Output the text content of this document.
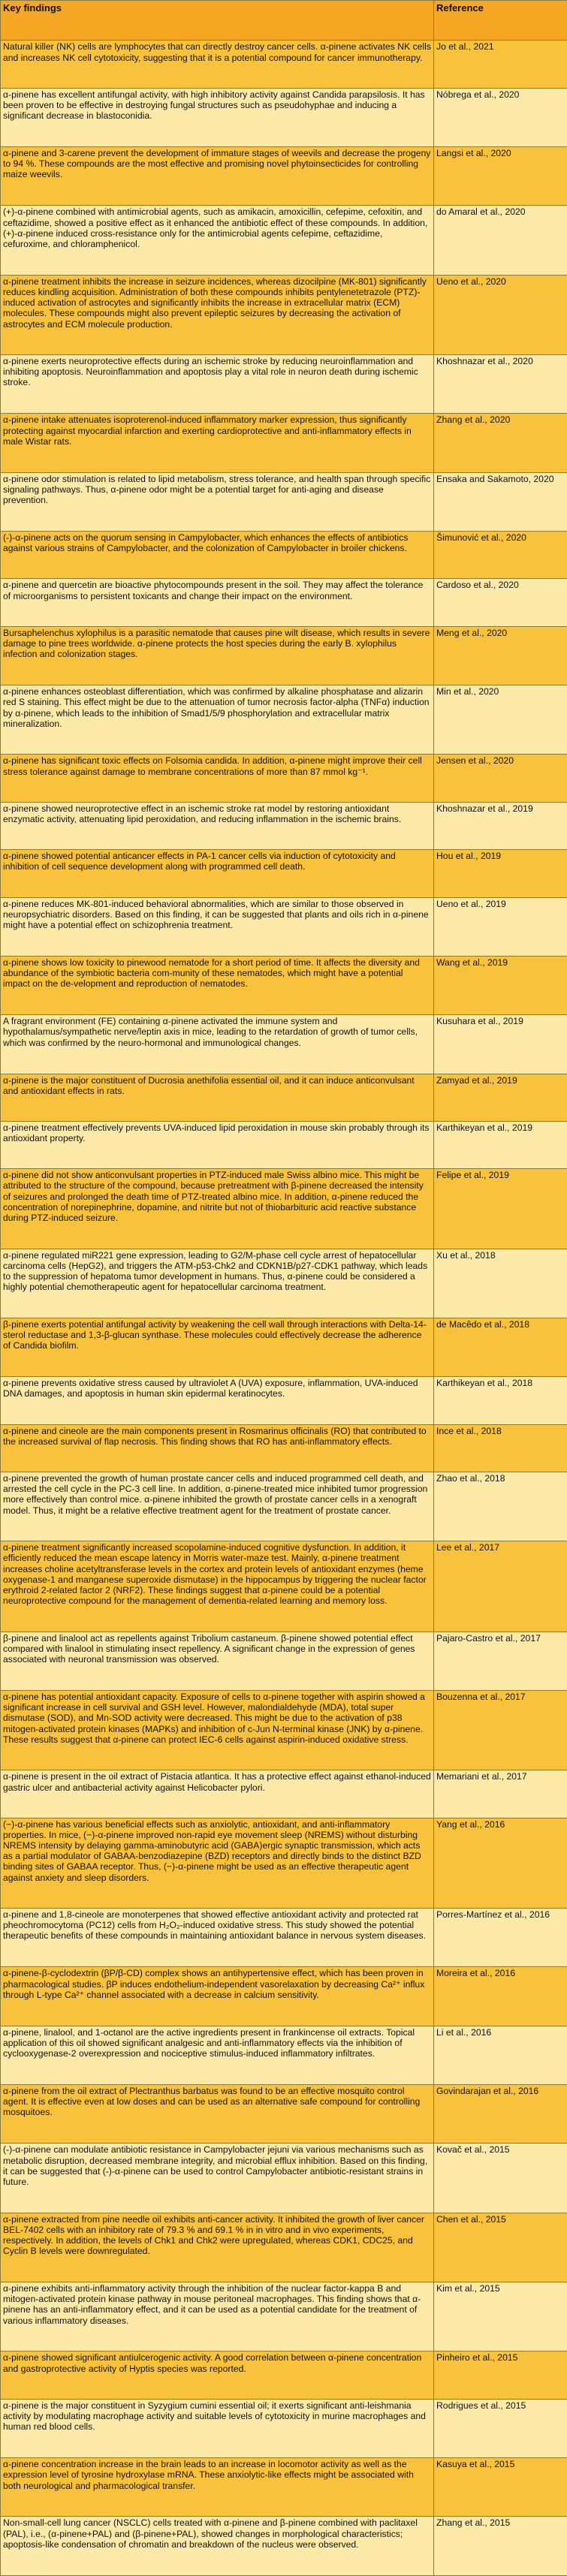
Key findings	Reference
Natural killer (NK) cells are lymphocytes that can directly destroy cancer cells. α-pinene activates NK cells and increases NK cell cytotoxicity, suggesting that it is a potential compound for cancer immunotherapy.	Jo et al., 2021
α-pinene has excellent antifungal activity, with high inhibitory activity against Candida parapsilosis. It has been proven to be effective in destroying fungal structures such as pseudohyphae and inducing a significant decrease in blastoconidia.	Nóbrega et al., 2020
α-pinene and 3-carene prevent the development of immature stages of weevils and decrease the progeny to 94 %. These compounds are the most effective and promising novel phytoinsecticides for controlling maize weevils.	Langsi et al., 2020
(+)-α-pinene combined with antimicrobial agents, such as amikacin, amoxicillin, cefepime, cefoxitin, and ceftazidime, showed a positive effect as it enhanced the antibiotic effect of these compounds. In addition, (+)-α-pinene induced cross-resistance only for the antimicrobial agents cefepime, ceftazidime, cefuroxime, and chloramphenicol.	do Amaral et al., 2020
α-pinene treatment inhibits the increase in seizure incidences, whereas dizocilpine (MK-801) significantly reduces kindling acquisition. Administration of both these compounds inhibits pentylenetetrazole (PTZ)-induced activation of astrocytes and significantly inhibits the increase in extracellular matrix (ECM) molecules. These compounds might also prevent epileptic seizures by decreasing the activation of astrocytes and ECM molecule production.	Ueno et al., 2020
α-pinene exerts neuroprotective effects during an ischemic stroke by reducing neuroinflammation and inhibiting apoptosis. Neuroinflammation and apoptosis play a vital role in neuron death during ischemic stroke.	Khoshnazar et al., 2020
α-pinene intake attenuates isoproterenol-induced inflammatory marker expression, thus significantly protecting against myocardial infarction and exerting cardioprotective and anti-inflammatory effects in male Wistar rats.	Zhang et al., 2020
α-pinene odor stimulation is related to lipid metabolism, stress tolerance, and health span through specific signaling pathways. Thus, α-pinene odor might be a potential target for anti-aging and disease prevention.	Ensaka and Sakamoto, 2020
(-)-α-pinene acts on the quorum sensing in Campylobacter, which enhances the effects of antibiotics against various strains of Campylobacter, and the colonization of Campylobacter in broiler chickens.	Šimunović et al., 2020
α-pinene and quercetin are bioactive phytocompounds present in the soil. They may affect the tolerance of microorganisms to persistent toxicants and change their impact on the environment.	Cardoso et al., 2020
Bursaphelenchus xylophilus is a parasitic nematode that causes pine wilt disease, which results in severe damage to pine trees worldwide. α-pinene protects the host species during the early B. xylophilus infection and colonization stages.	Meng et al., 2020
α-pinene enhances osteoblast differentiation, which was confirmed by alkaline phosphatase and alizarin red S staining. This effect might be due to the attenuation of tumor necrosis factor-alpha (TNFα) induction by α-pinene, which leads to the inhibition of Smad1/5/9 phosphorylation and extracellular matrix mineralization.	Min et al., 2020
α-pinene has significant toxic effects on Folsomia candida. In addition, α-pinene might improve their cell stress tolerance against damage to membrane concentrations of more than 87 mmol kg⁻¹.	Jensen et al., 2020
α-pinene showed neuroprotective effect in an ischemic stroke rat model by restoring antioxidant enzymatic activity, attenuating lipid peroxidation, and reducing inflammation in the ischemic brains.	Khoshnazar et al., 2019
α-pinene showed potential anticancer effects in PA-1 cancer cells via induction of cytotoxicity and inhibition of cell sequence development along with programmed cell death.	Hou et al., 2019
α-pinene reduces MK-801-induced behavioral abnormalities, which are similar to those observed in neuropsychiatric disorders. Based on this finding, it can be suggested that plants and oils rich in α-pinene might have a potential effect on schizophrenia treatment.	Ueno et al., 2019
α-pinene shows low toxicity to pinewood nematode for a short period of time. It affects the diversity and abundance of the symbiotic bacteria com-munity of these nematodes, which might have a potential impact on the de-velopment and reproduction of nematodes.	Wang et al., 2019
A fragrant environment (FE) containing α-pinene activated the immune system and hypothalamus/sympathetic nerve/leptin axis in mice, leading to the retardation of growth of tumor cells, which was confirmed by the neuro-hormonal and immunological changes.	Kusuhara et al., 2019
α-pinene is the major constituent of Ducrosia anethifolia essential oil, and it can induce anticonvulsant and antioxidant effects in rats.	Zamyad et al., 2019
α-pinene treatment effectively prevents UVA-induced lipid peroxidation in mouse skin probably through its antioxidant property.	Karthikeyan et al., 2019
α-pinene did not show anticonvulsant properties in PTZ-induced male Swiss albino mice. This might be attributed to the structure of the compound, because pretreatment with β-pinene decreased the intensity of seizures and prolonged the death time of PTZ-treated albino mice. In addition, α-pinene reduced the concentration of norepinephrine, dopamine, and nitrite but not of thiobarbituric acid reactive substance during PTZ-induced seizure.	Felipe et al., 2019
α-pinene regulated miR221 gene expression, leading to G2/M-phase cell cycle arrest of hepatocellular carcinoma cells (HepG2), and triggers the ATM-p53-Chk2 and CDKN1B/p27-CDK1 pathway, which leads to the suppression of hepatoma tumor development in humans. Thus, α-pinene could be considered a highly potential chemotherapeutic agent for hepatocellular carcinoma treatment.	Xu et al., 2018
β-pinene exerts potential antifungal activity by weakening the cell wall through interactions with Delta-14-sterol reductase and 1,3-β-glucan synthase. These molecules could effectively decrease the adherence of Candida biofilm.	de Macêdo et al., 2018
α-pinene prevents oxidative stress caused by ultraviolet A (UVA) exposure, inflammation, UVA-induced DNA damages, and apoptosis in human skin epidermal keratinocytes.	Karthikeyan et al., 2018
α-pinene and cineole are the main components present in Rosmarinus officinalis (RO) that contributed to the increased survival of flap necrosis. This finding shows that RO has anti-inflammatory effects.	Ince et al., 2018
α-pinene prevented the growth of human prostate cancer cells and induced programmed cell death, and arrested the cell cycle in the PC-3 cell line. In addition, α-pinene-treated mice inhibited tumor progression more effectively than control mice. α-pinene inhibited the growth of prostate cancer cells in a xenograft model. Thus, it might be a relative effective treatment agent for the treatment of prostate cancer.	Zhao et al., 2018
α-pinene treatment significantly increased scopolamine-induced cognitive dysfunction. In addition, it efficiently reduced the mean escape latency in Morris water-maze test. Mainly, α-pinene treatment increases choline acetyltransferase levels in the cortex and protein levels of antioxidant enzymes (heme oxygenase-1 and manganese superoxide dismutase) in the hippocampus by triggering the nuclear factor erythroid 2-related factor 2 (NRF2). These findings suggest that α-pinene could be a potential neuroprotective compound for the management of dementia-related learning and memory loss.	Lee et al., 2017
β-pinene and linalool act as repellents against Tribolium castaneum. β-pinene showed potential effect compared with linalool in stimulating insect repellency. A significant change in the expression of genes associated with neuronal transmission was observed.	Pajaro-Castro et al., 2017
α-pinene has potential antioxidant capacity. Exposure of cells to α-pinene together with aspirin showed a significant increase in cell survival and GSH level. However, malondialdehyde (MDA), total super dismutase (SOD), and Mn-SOD activity were decreased. This might be due to the activation of p38 mitogen-activated protein kinases (MAPKs) and inhibition of c-Jun N-terminal kinase (JNK) by α-pinene. These results suggest that α-pinene can protect IEC-6 cells against aspirin-induced oxidative stress.	Bouzenna et al., 2017
α-pinene is present in the oil extract of Pistacia atlantica. It has a protective effect against ethanol-induced gastric ulcer and antibacterial activity against Helicobacter pylori.	Memariani et al., 2017
(−)-α-pinene has various beneficial effects such as anxiolytic, antioxidant, and anti-inflammatory properties. In mice, (−)-α-pinene improved non-rapid eye movement sleep (NREMS) without disturbing NREMS intensity by delaying gamma-aminobutyric acid (GABA)ergic synaptic transmission, which acts as a partial modulator of GABAA-benzodiazepine (BZD) receptors and directly binds to the distinct BZD binding sites of GABAA receptor. Thus, (−)-α-pinene might be used as an effective therapeutic agent against anxiety and sleep disorders.	Yang et al., 2016
α-pinene and 1,8-cineole are monoterpenes that showed effective antioxidant activity and protected rat pheochromocytoma (PC12) cells from H₂O₂-induced oxidative stress. This study showed the potential therapeutic benefits of these compounds in maintaining antioxidant balance in nervous system diseases.	Porres-Martínez et al., 2016
α-pinene-β-cyclodextrin (βP/β-CD) complex shows an antihypertensive effect, which has been proven in pharmacological studies. βP induces endothelium-independent vasorelaxation by decreasing Ca²⁺ influx through L-type Ca²⁺ channel associated with a decrease in calcium sensitivity.	Moreira et al., 2016
α-pinene, linalool, and 1-octanol are the active ingredients present in frankincense oil extracts. Topical application of this oil showed significant analgesic and anti-inflammatory effects via the inhibition of cyclooxygenase-2 overexpression and nociceptive stimulus-induced inflammatory infiltrates.	Li et al., 2016
α-pinene from the oil extract of Plectranthus barbatus was found to be an effective mosquito control agent. It is effective even at low doses and can be used as an alternative safe compound for controlling mosquitoes.	Govindarajan et al., 2016
(-)-α-pinene can modulate antibiotic resistance in Campylobacter jejuni via various mechanisms such as metabolic disruption, decreased membrane integrity, and microbial efflux inhibition. Based on this finding, it can be suggested that (-)-α-pinene can be used to control Campylobacter antibiotic-resistant strains in future.	Kovač et al., 2015
α-pinene extracted from pine needle oil exhibits anti-cancer activity. It inhibited the growth of liver cancer BEL-7402 cells with an inhibitory rate of 79.3 % and 69.1 % in in vitro and in vivo experiments, respectively. In addition, the levels of Chk1 and Chk2 were upregulated, whereas CDK1, CDC25, and Cyclin B levels were downregulated.	Chen et al., 2015
α-pinene exhibits anti-inflammatory activity through the inhibition of the nuclear factor-kappa B and mitogen-activated protein kinase pathway in mouse peritoneal macrophages. This finding shows that α-pinene has an anti-inflammatory effect, and it can be used as a potential candidate for the treatment of various inflammatory diseases.	Kim et al., 2015
α-pinene showed significant antiulcerogenic activity. A good correlation between α-pinene concentration and gastroprotective activity of Hyptis species was reported.	Pinheiro et al., 2015
α-pinene is the major constituent in Syzygium cumini essential oil; it exerts significant anti-leishmania activity by modulating macrophage activity and suitable levels of cytotoxicity in murine macrophages and human red blood cells.	Rodrigues et al., 2015
α-pinene concentration increase in the brain leads to an increase in locomotor activity as well as the expression level of tyrosine hydroxylase mRNA. These anxiolytic-like effects might be associated with both neurological and pharmacological transfer.	Kasuya et al., 2015
Non-small-cell lung cancer (NSCLC) cells treated with α-pinene and β-pinene combined with paclitaxel (PAL), i.e., (α-pinene+PAL) and (β-pinene+PAL), showed changes in morphological characteristics; apoptosis-like condensation of chromatin and breakdown of the nucleus were observed.	Zhang et al., 2015
